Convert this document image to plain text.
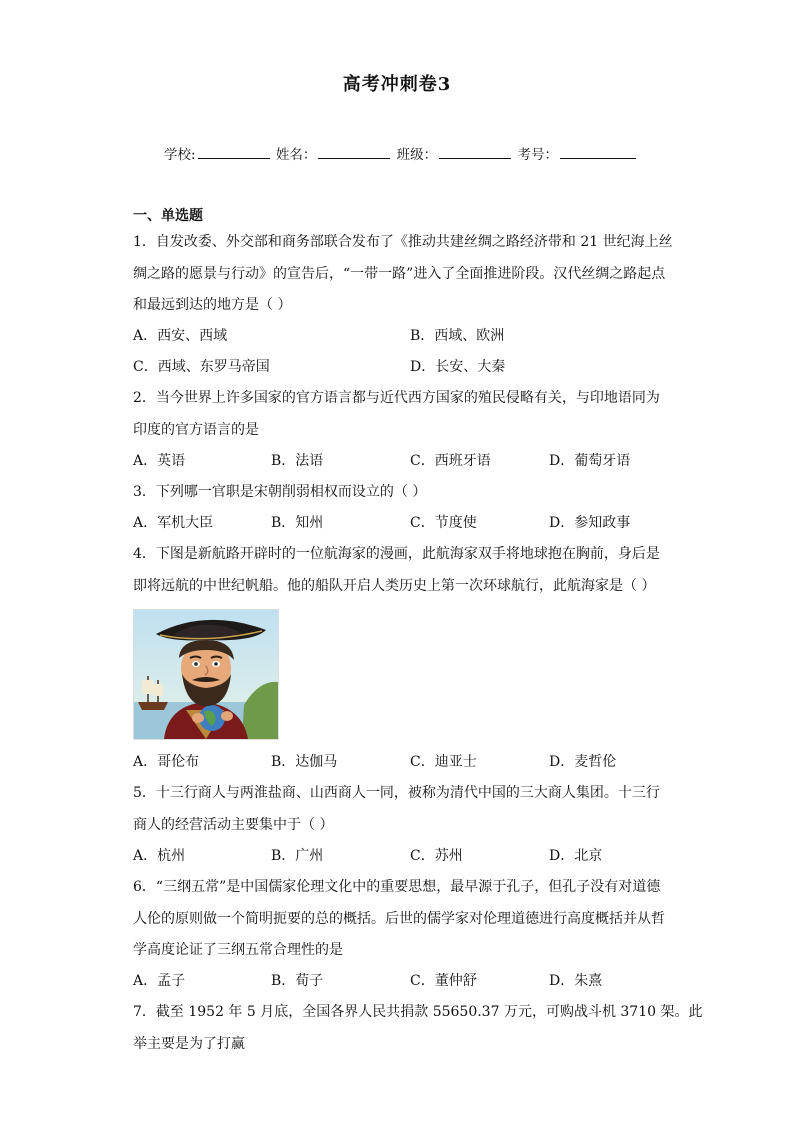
高考冲刺卷3
学校:	姓名：	班级：	考号：
一、单选题
1．自发改委、外交部和商务部联合发布了《推动共建丝绸之路经济带和 21 世纪海上丝
绸之路的愿景与行动》的宣告后，“一带一路”进入了全面推进阶段。汉代丝绸之路起点
和最远到达的地方是（ ）
A．西安、西域	B．西域、欧洲
C．西域、东罗马帝国	D．长安、大秦
2．当今世界上许多国家的官方语言都与近代西方国家的殖民侵略有关，与印地语同为
印度的官方语言的是
A．英语	B．法语	C．西班牙语	D．葡萄牙语
3．下列哪一官职是宋朝削弱相权而设立的（ ）
A．军机大臣	B．知州	C．节度使	D．参知政事
4．下图是新航路开辟时的一位航海家的漫画，此航海家双手将地球抱在胸前，身后是
即将远航的中世纪帆船。他的船队开启人类历史上第一次环球航行，此航海家是（ ）
A．哥伦布	B．达伽马	C．迪亚士	D．麦哲伦
5．十三行商人与两淮盐商、山西商人一同，被称为清代中国的三大商人集团。十三行
商人的经营活动主要集中于（ ）
A．杭州	B．广州	C．苏州	D．北京
6．“三纲五常”是中国儒家伦理文化中的重要思想，最早源于孔子，但孔子没有对道德
人伦的原则做一个简明扼要的总的概括。后世的儒学家对伦理道德进行高度概括并从哲
学高度论证了三纲五常合理性的是
A．孟子	B．荀子	C．董仲舒	D．朱熹
7．截至 1952 年 5 月底，全国各界人民共捐款 55650.37 万元，可购战斗机 3710 架。此
举主要是为了打赢
